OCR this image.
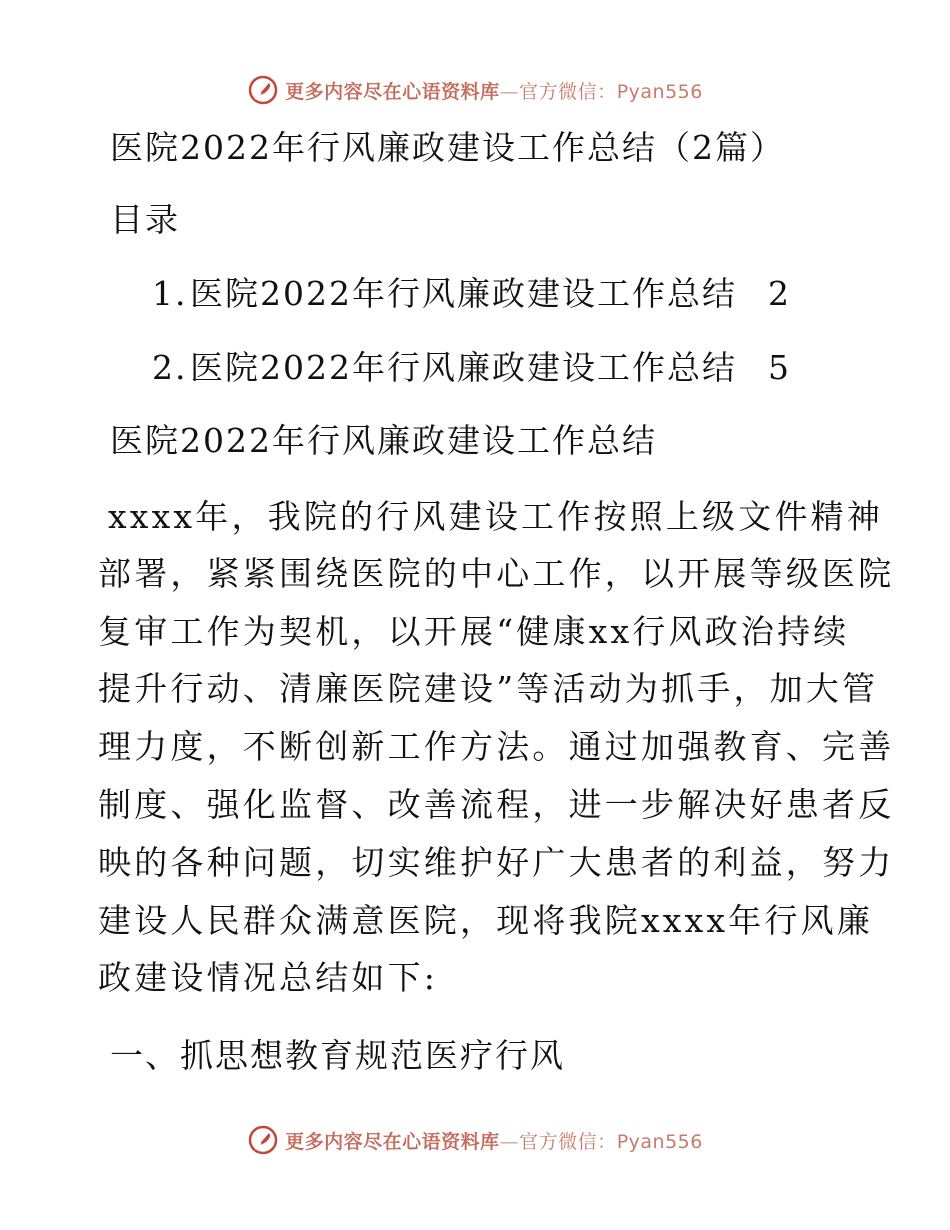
更多内容尽在心语资料库—官方微信：Pyan556
医院2022年行风廉政建设工作总结（2篇）
目录
1. 医院2022年行风廉政建设工作总结 2
2. 医院2022年行风廉政建设工作总结 5
医院2022年行风廉政建设工作总结
xxxx年，我院的行风建设工作按照上级文件精神
部署，紧紧围绕医院的中心工作，以开展等级医院
复审工作为契机，以开展“健康xx行风政治持续
提升行动、清廉医院建设”等活动为抓手，加大管
理力度，不断创新工作方法。通过加强教育、完善
制度、强化监督、改善流程，进一步解决好患者反
映的各种问题，切实维护好广大患者的利益，努力
建设人民群众满意医院，现将我院xxxx年行风廉
政建设情况总结如下:
一、抓思想教育规范医疗行风
更多内容尽在心语资料库—官方微信：Pyan556
